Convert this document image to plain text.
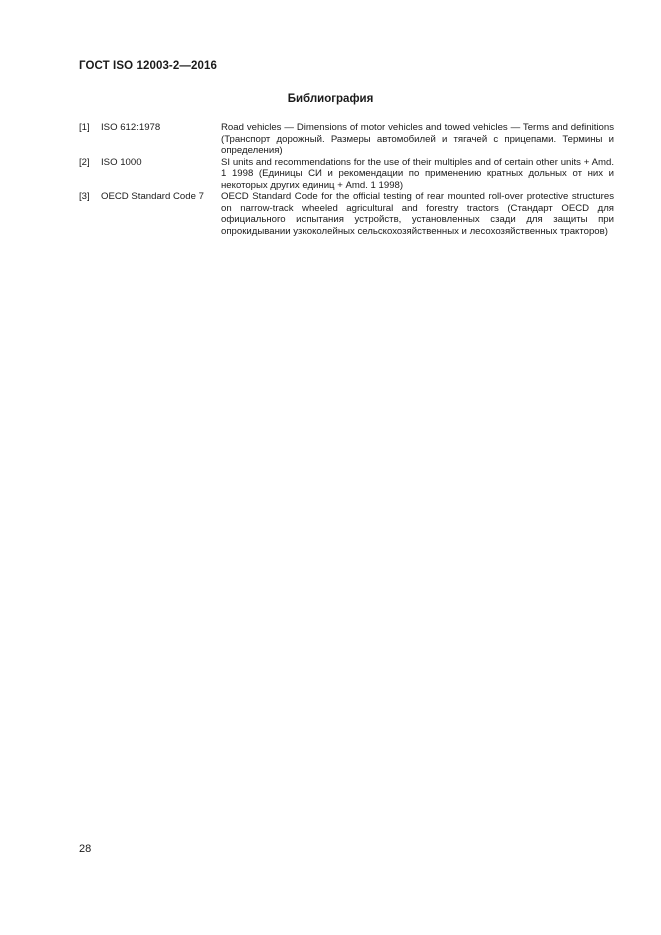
ГОСТ ISO 12003-2—2016
Библиография
[1]	ISO 612:1978	Road vehicles — Dimensions of motor vehicles and towed vehicles — Terms and definitions (Транспорт дорожный. Размеры автомобилей и тягачей с прицепами. Термины и определения)
[2]	ISO 1000	SI units and recommendations for the use of their multiples and of certain other units + Amd. 1 1998 (Единицы СИ и рекомендации по применению кратных дольных от них и некоторых других единиц + Amd. 1 1998)
[3]	OECD Standard Code 7	OECD Standard Code for the official testing of rear mounted roll-over protective structures on narrow-track wheeled agricultural and forestry tractors (Стандарт OECD для официального испытания устройств, установленных сзади для защиты при опрокидывании узкоколейных сельскохозяйственных и лесохозяйственных тракторов)
28
